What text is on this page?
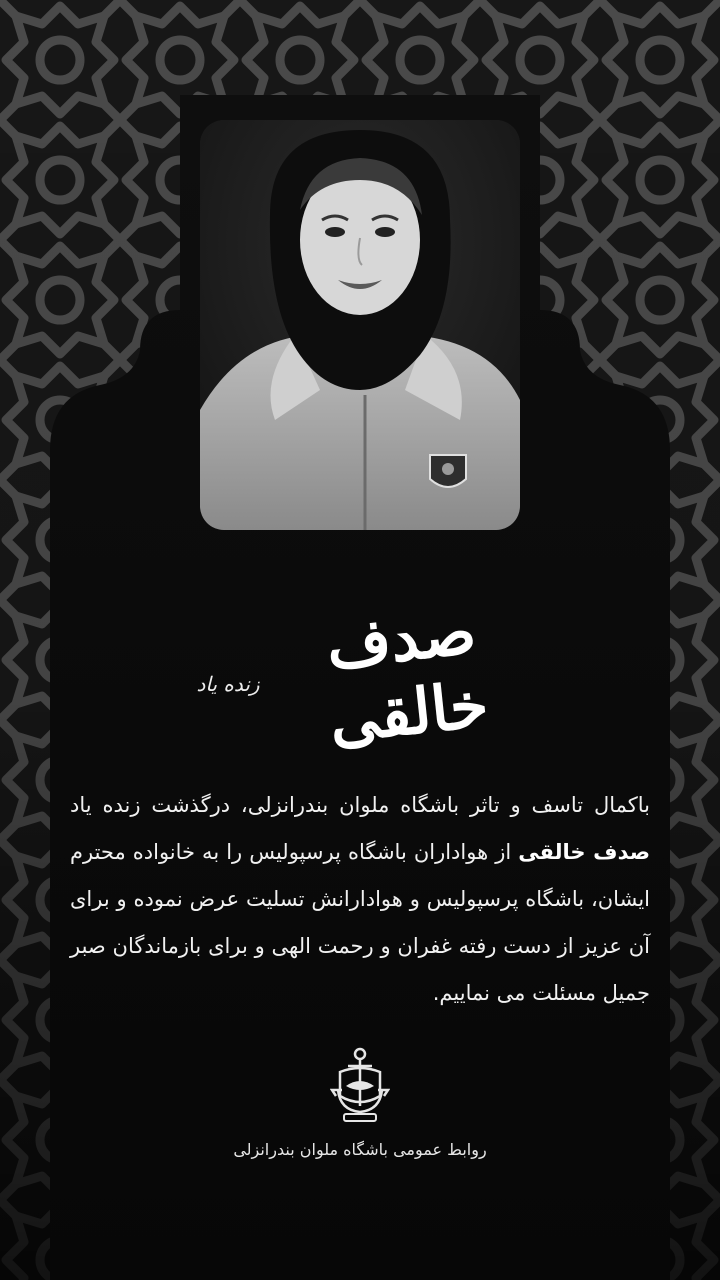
صدف خالقی
زنده یاد
باکمال تاسف و تاثر باشگاه ملوان بندرانزلی، درگذشت زنده یاد صدف خالقی از هواداران باشگاه پرسپولیس را به خانواده محترم ایشان، باشگاه پرسپولیس و هوادارانش تسلیت عرض نموده و برای آن عزیز از دست رفته غفران و رحمت الهی و برای بازماندگان صبر جمیل مسئلت می نماییم.
روابط عمومی باشگاه ملوان بندرانزلی
